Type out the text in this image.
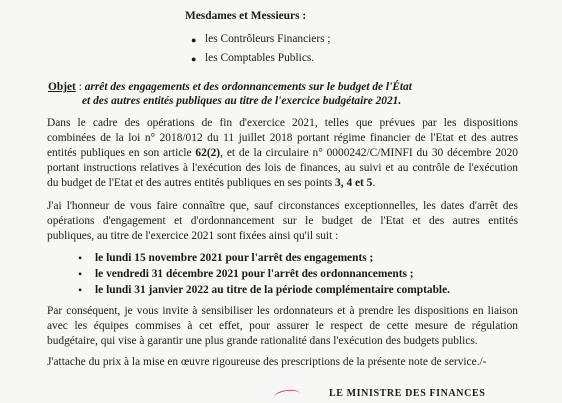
Mesdames et Messieurs :
● les Contrôleurs Financiers ;
● les Comptables Publics.
Objet : arrêt des engagements et des ordonnancements sur le budget de l'État
et des autres entités publiques au titre de l'exercice budgétaire 2021.
Dans le cadre des opérations de fin d'exercice 2021, telles que prévues par les dispositions
combinées de la loi n° 2018/012 du 11 juillet 2018 portant régime financier de l'Etat et des autres
entités publiques en son article 62(2), et de la circulaire n° 0000242/C/MINFI du 30 décembre 2020
portant instructions relatives à l'exécution des lois de finances, au suivi et au contrôle de l'exécution
du budget de l'Etat et des autres entités publiques en ses points 3, 4 et 5.
J'ai l'honneur de vous faire connaître que, sauf circonstances exceptionnelles, les dates d'arrêt des
opérations d'engagement et d'ordonnancement sur le budget de l'Etat et des autres entités
publiques, au titre de l'exercice 2021 sont fixées ainsi qu'il suit :
• le lundi 15 novembre 2021 pour l'arrêt des engagements ;
• le vendredi 31 décembre 2021 pour l'arrêt des ordonnancements ;
• le lundi 31 janvier 2022 au titre de la période complémentaire comptable.
Par conséquent, je vous invite à sensibiliser les ordonnateurs et à prendre les dispositions en liaison
avec les équipes commises à cet effet, pour assurer le respect de cette mesure de régulation
budgétaire, qui vise à garantir une plus grande rationalité dans l'exécution des budgets publics.
J'attache du prix à la mise en œuvre rigoureuse des prescriptions de la présente note de service./-
LE MINISTRE DES FINANCES
